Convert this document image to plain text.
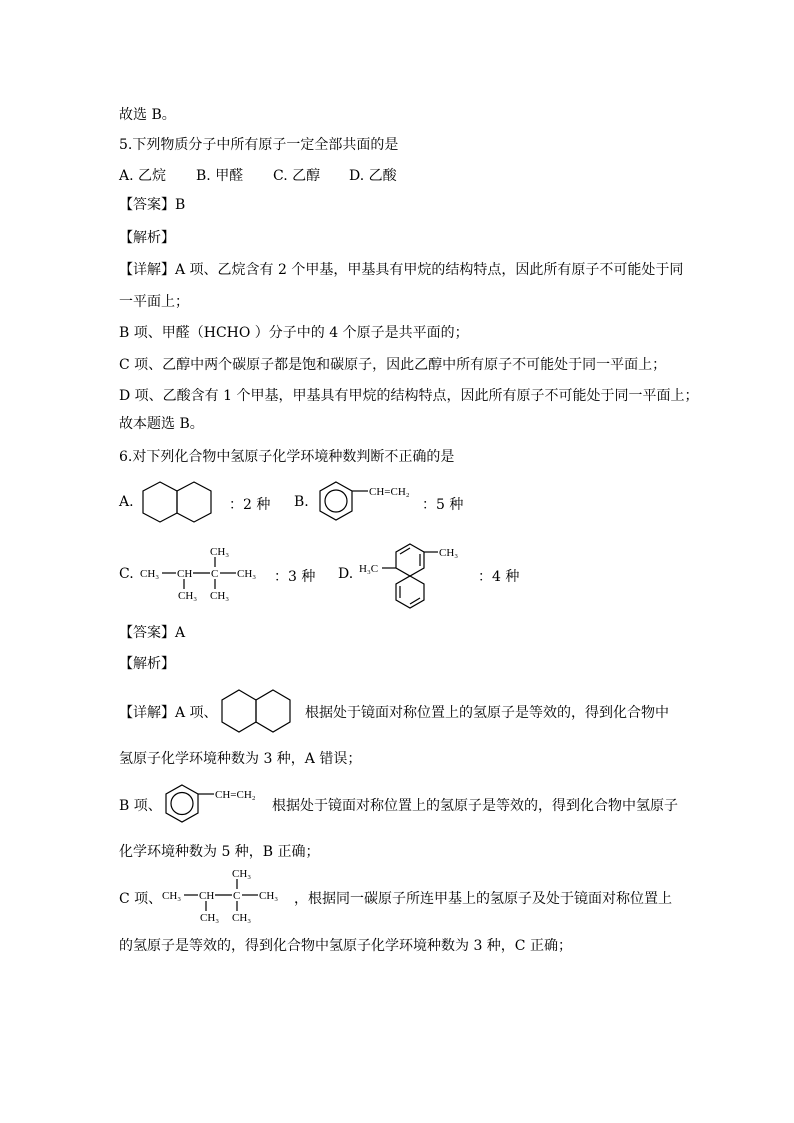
故选 B。
5.下列物质分子中所有原子一定全部共面的是
A. 乙烷 B. 甲醛 C. 乙醇 D. 乙酸
【答案】B
【解析】
【详解】A 项、乙烷含有 2 个甲基，甲基具有甲烷的结构特点，因此所有原子不可能处于同
一平面上；
B 项、甲醛（HCHO ）分子中的 4 个原子是共平面的；
C 项、乙醇中两个碳原子都是饱和碳原子，因此乙醇中所有原子不可能处于同一平面上；
D 项、乙酸含有 1 个甲基，甲基具有甲烷的结构特点，因此所有原子不可能处于同一平面上；
故本题选 B。
6.对下列化合物中氢原子化学环境种数判断不正确的是
A.	：2 种 B.
CH=CH₂
：5 种
C. CH₃ CH C CH₃
CH₃
CH₃
CH₃
：3 种 D.
CH₃
H₃C	：4 种
【答案】A
【解析】
【详解】A 项、	根据处于镜面对称位置上的氢原子是等效的，得到化合物中
氢原子化学环境种数为 3 种，A 错误；
B 项、
CH=CH₂
根据处于镜面对称位置上的氢原子是等效的，得到化合物中氢原子
化学环境种数为 5 种，B 正确；
C 项、 CH₃ CH C CH₃
CH₃
CH₃
CH₃
，根据同一碳原子所连甲基上的氢原子及处于镜面对称位置上
的氢原子是等效的，得到化合物中氢原子化学环境种数为 3 种，C 正确；
